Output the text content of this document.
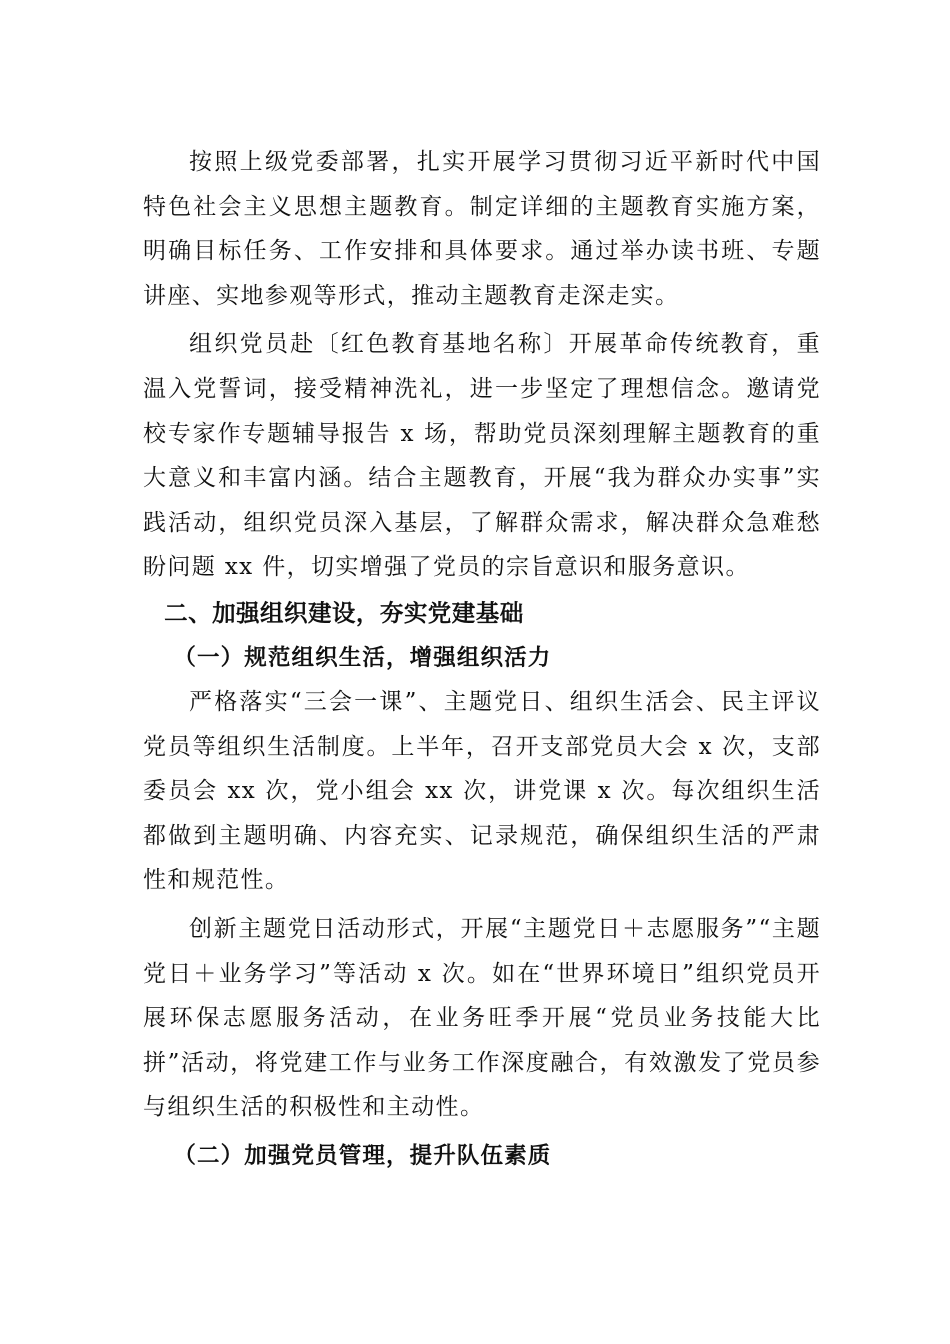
按照上级党委部署，扎实开展学习贯彻习近平新时代中国特色社会主义思想主题教育。制定详细的主题教育实施方案，明确目标任务、工作安排和具体要求。通过举办读书班、专题讲座、实地参观等形式，推动主题教育走深走实。

组织党员赴〔红色教育基地名称〕开展革命传统教育，重温入党誓词，接受精神洗礼，进一步坚定了理想信念。邀请党校专家作专题辅导报告 x 场，帮助党员深刻理解主题教育的重大意义和丰富内涵。结合主题教育，开展“我为群众办实事”实践活动，组织党员深入基层，了解群众需求，解决群众急难愁盼问题 xx 件，切实增强了党员的宗旨意识和服务意识。

二、加强组织建设，夯实党建基础
（一）规范组织生活，增强组织活力

严格落实“三会一课”、主题党日、组织生活会、民主评议党员等组织生活制度。上半年，召开支部党员大会 x 次，支部委员会 xx 次，党小组会 xx 次，讲党课 x 次。每次组织生活都做到主题明确、内容充实、记录规范，确保组织生活的严肃性和规范性。

创新主题党日活动形式，开展“主题党日＋志愿服务”“主题党日＋业务学习”等活动 x 次。如在“世界环境日”组织党员开展环保志愿服务活动，在业务旺季开展“党员业务技能大比拼”活动，将党建工作与业务工作深度融合，有效激发了党员参与组织生活的积极性和主动性。

（二）加强党员管理，提升队伍素质
